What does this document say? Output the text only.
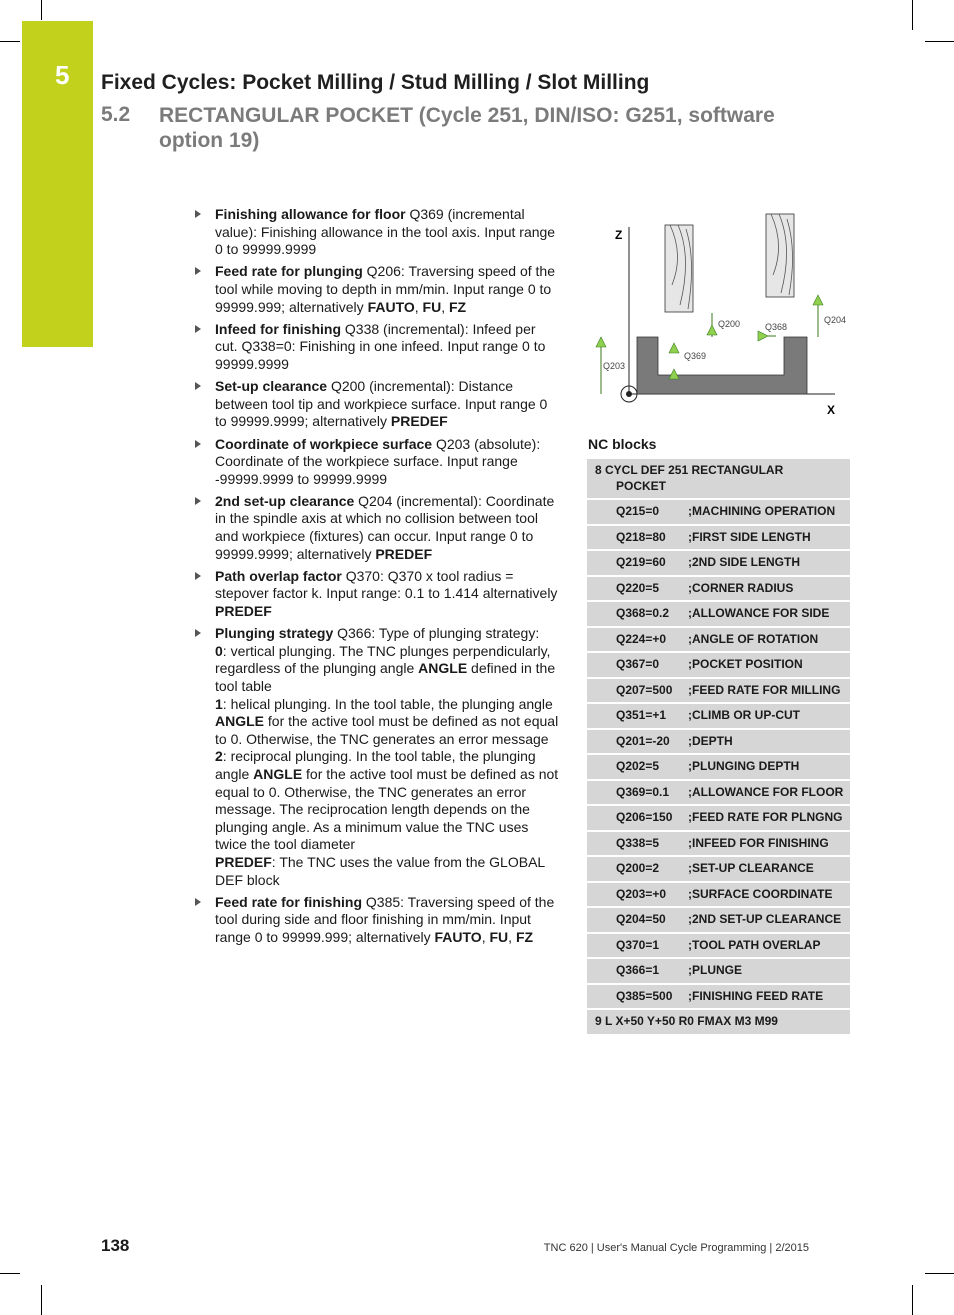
5 Fixed Cycles: Pocket Milling / Stud Milling / Slot Milling
5.2 RECTANGULAR POCKET (Cycle 251, DIN/ISO: G251, software option 19)
Finishing allowance for floor Q369 (incremental value): Finishing allowance in the tool axis. Input range 0 to 99999.9999
Feed rate for plunging Q206: Traversing speed of the tool while moving to depth in mm/min. Input range 0 to 99999.999; alternatively FAUTO, FU, FZ
Infeed for finishing Q338 (incremental): Infeed per cut. Q338=0: Finishing in one infeed. Input range 0 to 99999.9999
Set-up clearance Q200 (incremental): Distance between tool tip and workpiece surface. Input range 0 to 99999.9999; alternatively PREDEF
Coordinate of workpiece surface Q203 (absolute): Coordinate of the workpiece surface. Input range -99999.9999 to 99999.9999
2nd set-up clearance Q204 (incremental): Coordinate in the spindle axis at which no collision between tool and workpiece (fixtures) can occur. Input range 0 to 99999.9999; alternatively PREDEF
Path overlap factor Q370: Q370 x tool radius = stepover factor k. Input range: 0.1 to 1.414 alternatively PREDEF
Plunging strategy Q366: Type of plunging strategy:
0: vertical plunging. The TNC plunges perpendicularly, regardless of the plunging angle ANGLE defined in the tool table
1: helical plunging. In the tool table, the plunging angle ANGLE for the active tool must be defined as not equal to 0. Otherwise, the TNC generates an error message
2: reciprocal plunging. In the tool table, the plunging angle ANGLE for the active tool must be defined as not equal to 0. Otherwise, the TNC generates an error message. The reciprocation length depends on the plunging angle. As a minimum value the TNC uses twice the tool diameter
PREDEF: The TNC uses the value from the GLOBAL DEF block
Feed rate for finishing Q385: Traversing speed of the tool during side and floor finishing in mm/min. Input range 0 to 99999.999; alternatively FAUTO, FU, FZ
Z
X
Q200	Q368
Q204
Q203
Q369
NC blocks
8 CYCL DEF 251 RECTANGULAR
POCKET
Q215=0	;MACHINING OPERATION
Q218=80	;FIRST SIDE LENGTH
Q219=60	;2ND SIDE LENGTH
Q220=5	;CORNER RADIUS
Q368=0.2	;ALLOWANCE FOR SIDE
Q224=+0	;ANGLE OF ROTATION
Q367=0	;POCKET POSITION
Q207=500	;FEED RATE FOR MILLING
Q351=+1	;CLIMB OR UP-CUT
Q201=-20	;DEPTH
Q202=5	;PLUNGING DEPTH
Q369=0.1	;ALLOWANCE FOR FLOOR
Q206=150	;FEED RATE FOR PLNGNG
Q338=5	;INFEED FOR FINISHING
Q200=2	;SET-UP CLEARANCE
Q203=+0	;SURFACE COORDINATE
Q204=50	;2ND SET-UP CLEARANCE
Q370=1	;TOOL PATH OVERLAP
Q366=1	;PLUNGE
Q385=500	;FINISHING FEED RATE
9 L X+50 Y+50 R0 FMAX M3 M99
138	TNC 620 | User's Manual Cycle Programming | 2/2015
